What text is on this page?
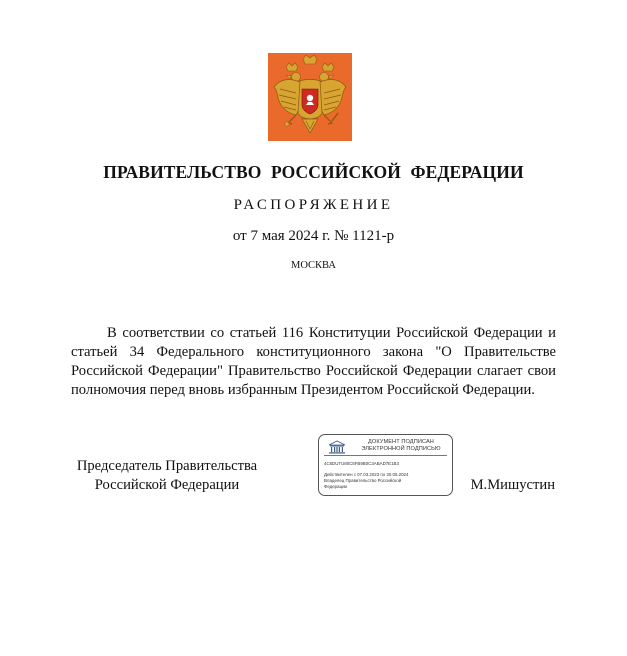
ПРАВИТЕЛЬСТВО РОССИЙСКОЙ ФЕДЕРАЦИИ
РАСПОРЯЖЕНИЕ
от 7 мая 2024 г. № 1121-р
МОСКВА

В соответствии со статьей 116 Конституции Российской Федерации и статьей 34 Федерального конституционного закона "О Правительстве Российской Федерации" Правительство Российской Федерации слагает свои полномочия перед вновь избранным Президентом Российской Федерации.

Председатель Правительства
Российской Федерации
ДОКУМЕНТ ПОДПИСАН
ЭЛЕКТРОННОЙ ПОДПИСЬЮ
4C6DUTU80C5FB9B0C3ABAD7E1B3
Действителен с 07.03.2023 по 30.05.2024
Владелец Правительство Российской
Федерации	М.Мишустин
